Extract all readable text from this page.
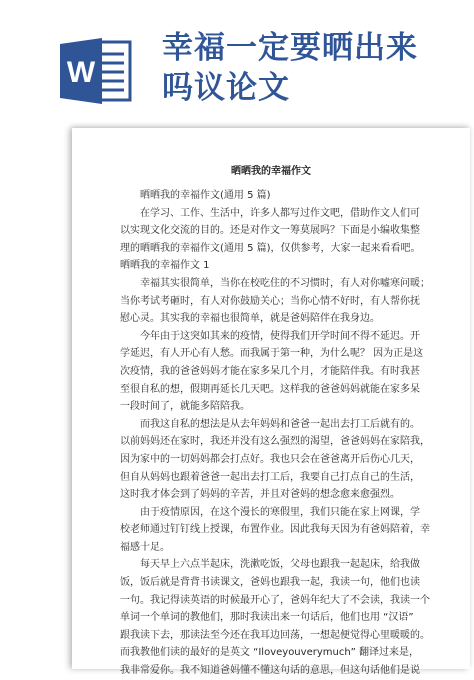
W
幸福一定要晒出来
吗议论文
晒晒我的幸福作文

晒晒我的幸福作文(通用 5 篇)

在学习、工作、生活中，许多人都写过作文吧，借助作文人们可

以实现文化交流的目的。还是对作文一筹莫展吗？下面是小编收集整

理的晒晒我的幸福作文(通用 5 篇)，仅供参考，大家一起来看看吧。

晒晒我的幸福作文 1

幸福其实很简单，当你在校吃住的不习惯时，有人对你嘘寒问暖；

当你考试考砸时，有人对你鼓励关心；当你心情不好时，有人帮你抚

慰心灵。其实我的幸福也很简单，就是爸妈陪伴在我身边。

今年由于这突如其来的疫情，使得我们开学时间不得不延迟。开

学延迟，有人开心有人愁。而我属于第一种，为什么呢？ 因为正是这

次疫情，我的爸爸妈妈才能在家多呆几个月，才能陪伴我。有时我甚

至很自私的想，假期再延长几天吧。这样我的爸爸妈妈就能在家多呆

一段时间了，就能多陪陪我。

而我这自私的想法是从去年妈妈和爸爸一起出去打工后就有的。

以前妈妈还在家时，我还并没有这么强烈的渴望，爸爸妈妈在家陪我，

因为家中的一切妈妈都会打点好。我也只会在爸爸离开后伤心几天，

但自从妈妈也跟着爸爸一起出去打工后，我要自己打点自己的生活，

这时我才体会到了妈妈的辛苦，并且对爸妈的想念愈来愈强烈。

由于疫情原因，在这个漫长的寒假里，我们只能在家上网课，学

校老师通过钉钉线上授课，布置作业。因此我每天因为有爸妈陪着，幸

福感十足。

每天早上六点半起床，洗漱吃饭，父母也跟我一起起床，给我做

饭，饭后就是背背书读课文，爸妈也跟我一起，我读一句，他们也读

一句。我记得读英语的时候最开心了，爸妈年纪大了不会读，我读一个

单词一个单词的教他们，那时我读出来一句话后，他们也用 “汉语”

跟我读下去，那读法至今还在我耳边回荡，一想起便觉得心里暖暖的。

而我教他们读的最好的是英文 “Iloveyouverymuch” 翻译过来是，

我非常爱你。我不知道爸妈懂不懂这句话的意思，但这句话他们是说
